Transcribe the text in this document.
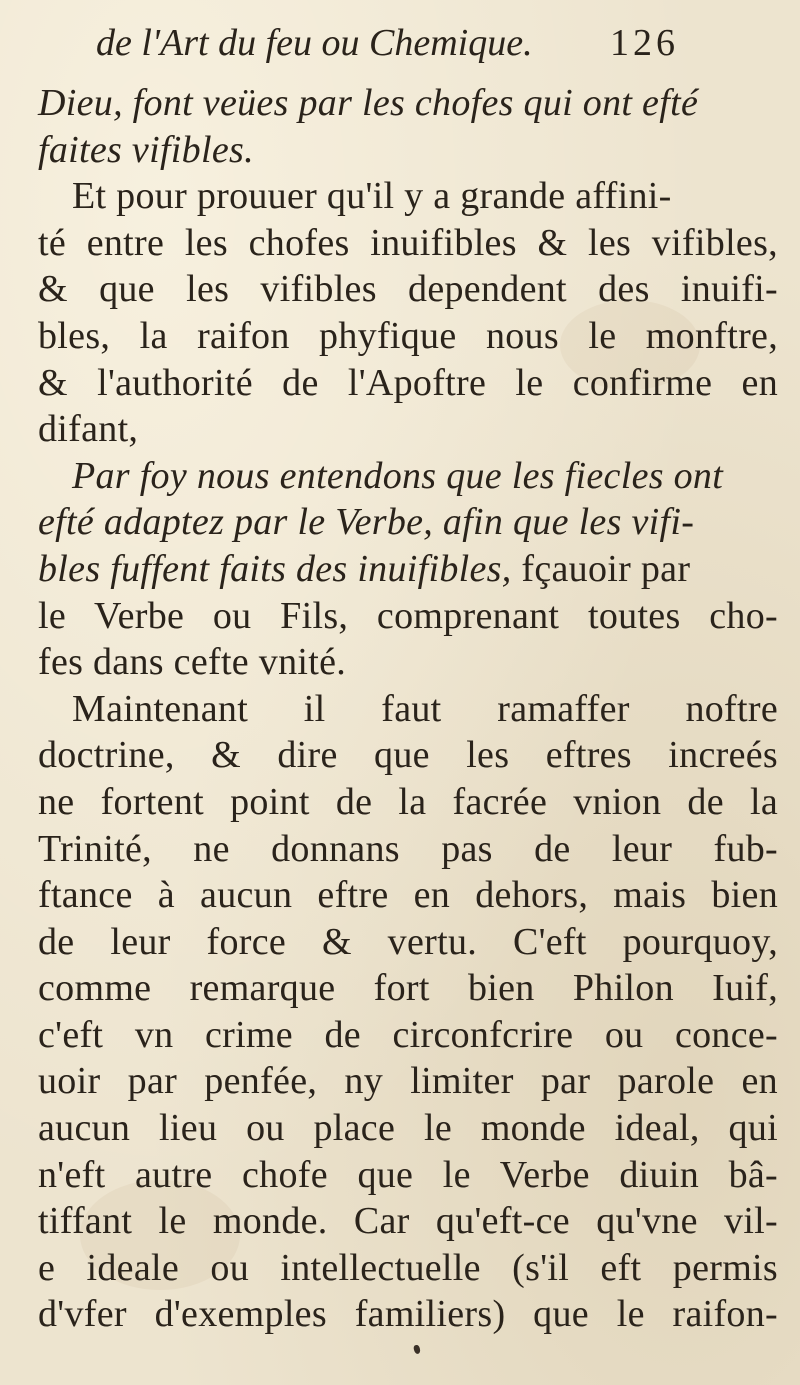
de l'Art du feu ou Chemique. 126
Dieu, font veües par les chofes qui ont efté
faites vifibles.
Et pour prouuer qu'il y a grande affini-
té entre les chofes inuifibles & les vifibles,
& que les vifibles dependent des inuifi-
bles, la raifon phyfique nous le monftre,
& l'authorité de l'Apoftre le confirme en
difant,
Par foy nous entendons que les fiecles ont
efté adaptez par le Verbe, afin que les vifi-
bles fuffent faits des inuifibles, fçauoir par
le Verbe ou Fils, comprenant toutes cho-
fes dans cefte vnité.
Maintenant il faut ramaffer noftre
doctrine, & dire que les eftres increés
ne fortent point de la facrée vnion de la
Trinité, ne donnans pas de leur fub-
ftance à aucun eftre en dehors, mais bien
de leur force & vertu. C'eft pourquoy,
comme remarque fort bien Philon Iuif,
c'eft vn crime de circonfcrire ou conce-
uoir par penfée, ny limiter par parole en
aucun lieu ou place le monde ideal, qui
n'eft autre chofe que le Verbe diuin bâ-
tiffant le monde. Car qu'eft-ce qu'vne vil-
e ideale ou intellectuelle (s'il eft permis
d'vfer d'exemples familiers) que le raifon-
